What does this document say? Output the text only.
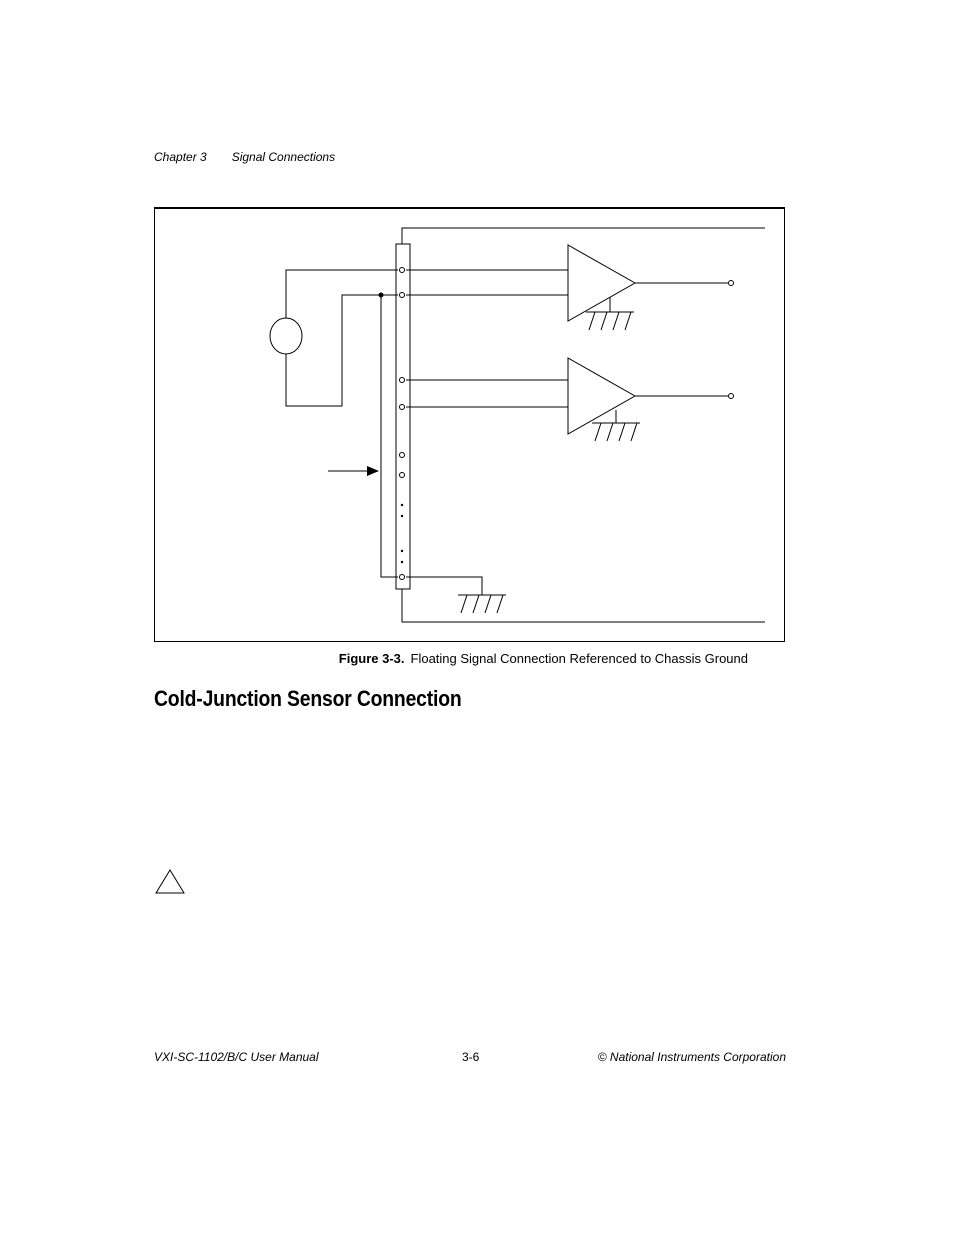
Chapter 3 Signal Connections
Figure 3-3. Floating Signal Connection Referenced to Chassis Ground
Cold-Junction Sensor Connection
VXI-SC-1102/B/C User Manual	3-6	© National Instruments Corporation
